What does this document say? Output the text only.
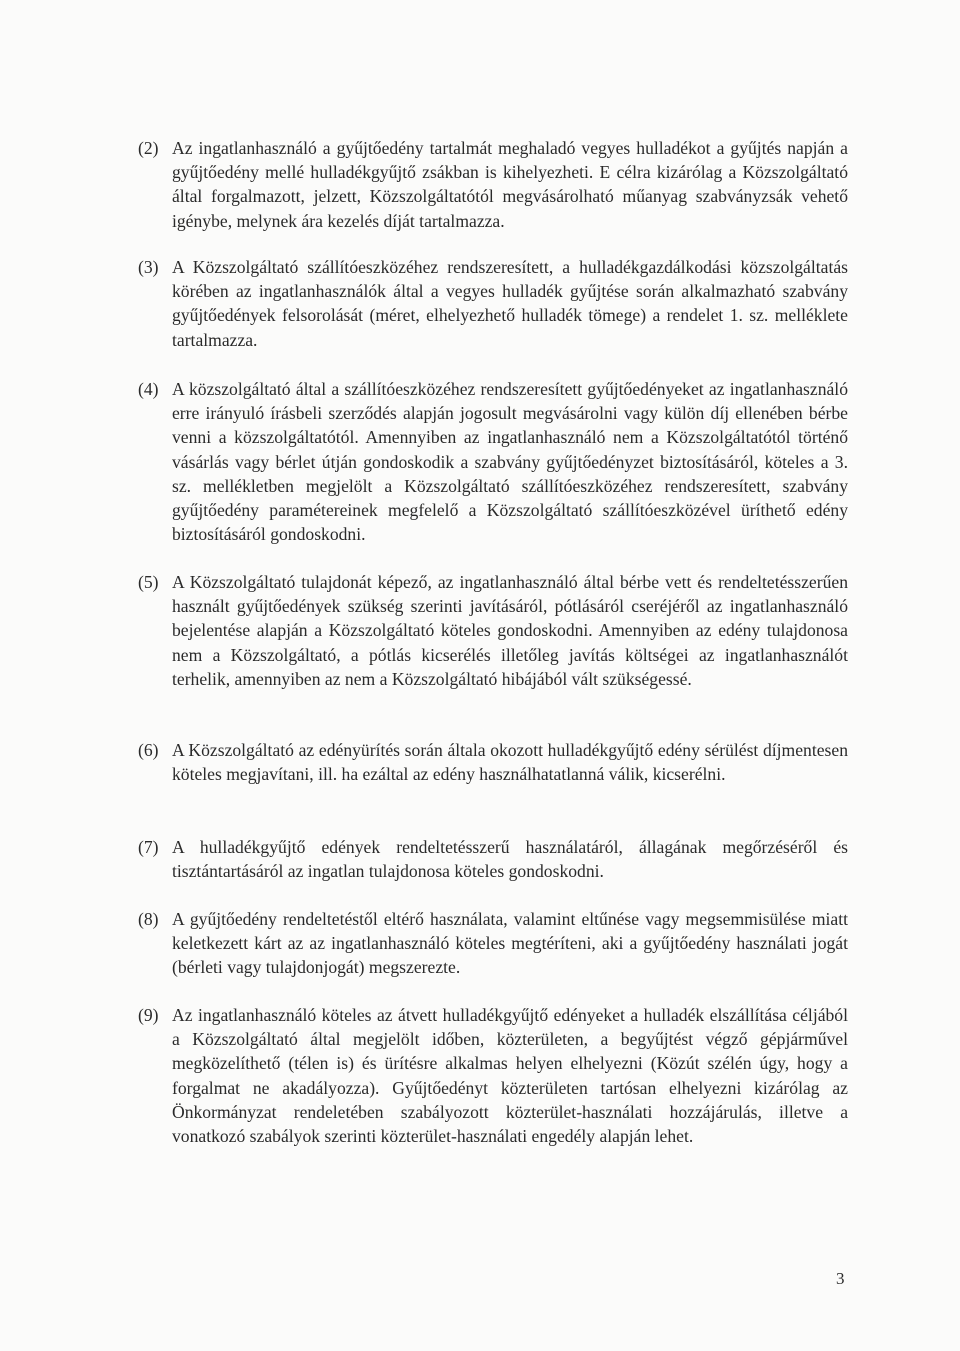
(2) Az ingatlanhasználó a gyűjtőedény tartalmát meghaladó vegyes hulladékot a gyűjtés napján a gyűjtőedény mellé hulladékgyűjtő zsákban is kihelyezheti. E célra kizárólag a Közszolgáltató által forgalmazott, jelzett, Közszolgáltatótól megvásárolható műanyag szabványzsák vehető igénybe, melynek ára kezelés díját tartalmazza.
(3) A Közszolgáltató szállítóeszközéhez rendszeresített, a hulladékgazdálkodási közszolgáltatás körében az ingatlanhasználók által a vegyes hulladék gyűjtése során alkalmazható szabvány gyűjtőedények felsorolását (méret, elhelyezhető hulladék tömege) a rendelet 1. sz. melléklete tartalmazza.
(4) A közszolgáltató által a szállítóeszközéhez rendszeresített gyűjtőedényeket az ingatlanhasználó erre irányuló írásbeli szerződés alapján jogosult megvásárolni vagy külön díj ellenében bérbe venni a közszolgáltatótól. Amennyiben az ingatlanhasználó nem a Közszolgáltatótól történő vásárlás vagy bérlet útján gondoskodik a szabvány gyűjtőedényzet biztosításáról, köteles a 3. sz. mellékletben megjelölt a Közszolgáltató szállítóeszközéhez rendszeresített, szabvány gyűjtőedény paramétereinek megfelelő a Közszolgáltató szállítóeszközével üríthető edény biztosításáról gondoskodni.
(5) A Közszolgáltató tulajdonát képező, az ingatlanhasználó által bérbe vett és rendeltetésszerűen használt gyűjtőedények szükség szerinti javításáról, pótlásáról cseréjéről az ingatlanhasználó bejelentése alapján a Közszolgáltató köteles gondoskodni. Amennyiben az edény tulajdonosa nem a Közszolgáltató, a pótlás kicserélés illetőleg javítás költségei az ingatlanhasználót terhelik, amennyiben az nem a Közszolgáltató hibájából vált szükségessé.
(6) A Közszolgáltató az edényürítés során általa okozott hulladékgyűjtő edény sérülést díjmentesen köteles megjavítani, ill. ha ezáltal az edény használhatatlanná válik, kicserélni.
(7) A hulladékgyűjtő edények rendeltetésszerű használatáról, állagának megőrzéséről és tisztántartásáról az ingatlan tulajdonosa köteles gondoskodni.
(8) A gyűjtőedény rendeltetéstől eltérő használata, valamint eltűnése vagy megsemmisülése miatt keletkezett kárt az az ingatlanhasználó köteles megtéríteni, aki a gyűjtőedény használati jogát (bérleti vagy tulajdonjogát) megszerezte.
(9) Az ingatlanhasználó köteles az átvett hulladékgyűjtő edényeket a hulladék elszállítása céljából a Közszolgáltató által megjelölt időben, közterületen, a begyűjtést végző gépjárművel megközelíthető (télen is) és ürítésre alkalmas helyen elhelyezni (Közút szélén úgy, hogy a forgalmat ne akadályozza). Gyűjtőedényt közterületen tartósan elhelyezni kizárólag az Önkormányzat rendeletében szabályozott közterület-használati hozzájárulás, illetve a vonatkozó szabályok szerinti közterület-használati engedély alapján lehet.
3
